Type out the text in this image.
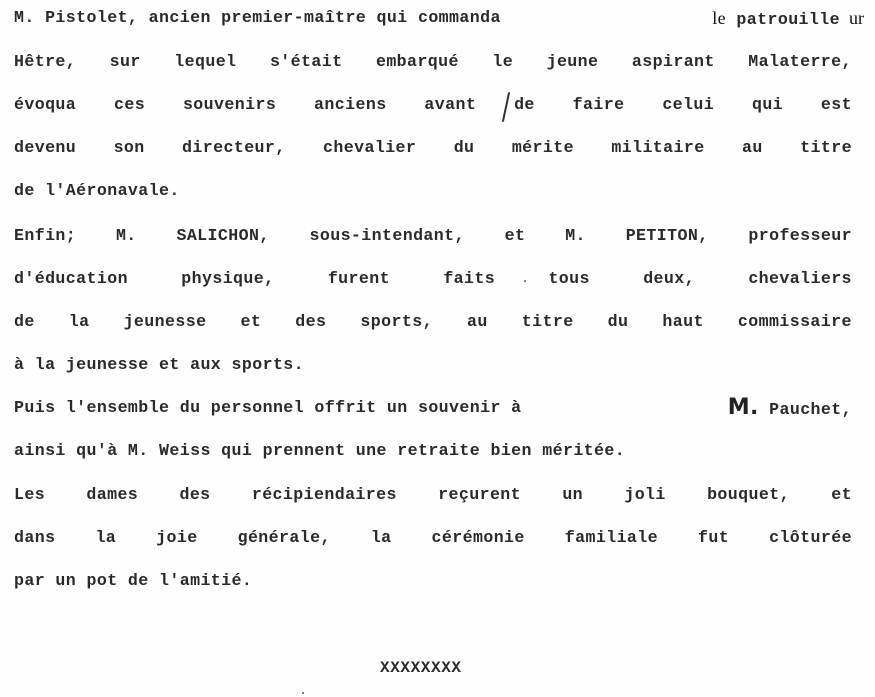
M. Pistolet, ancien premier-maître qui commanda	le patrouille ur
Hêtre, sur lequel s'était embarqué le jeune aspirant Malaterre,
évoqua ces souvenirs anciens avant de faire celui qui est
devenu son directeur, chevalier du mérite militaire au titre
de l'Aéronavale.
Enfin; M. SALICHON, sous-intendant, et M. PETITON, professeur
d'éducation	physique,	furent	faits	tous	deux,	chevaliers
de la jeunesse et des sports, au titre du haut commissaire
à la jeunesse et aux sports.
Puis l'ensemble du personnel offrit un souvenir à	M. Pauchet,
ainsi qu'à M. Weiss qui prennent une retraite bien méritée.
Les dames des récipiendaires reçurent un joli bouquet, et
dans la joie générale, la cérémonie familiale fut clôturée
par un pot de l'amitié.
XXXXXXXX
